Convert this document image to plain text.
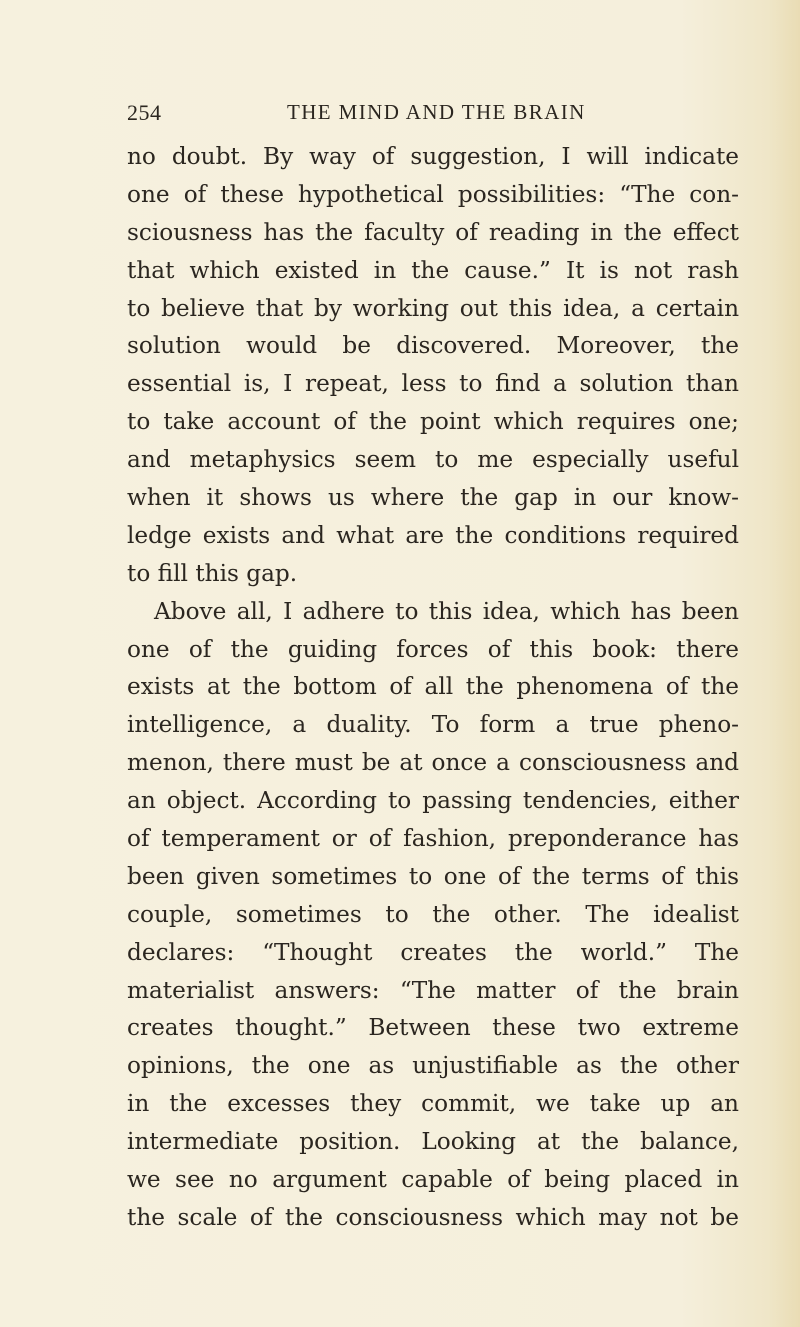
254	THE MIND AND THE BRAIN
no doubt. By way of suggestion, I will indicate
one of these hypothetical possibilities: “The con-
sciousness has the faculty of reading in the effect
that which existed in the cause.” It is not rash
to believe that by working out this idea, a certain
solution would be discovered. Moreover, the
essential is, I repeat, less to find a solution than
to take account of the point which requires one;
and metaphysics seem to me especially useful
when it shows us where the gap in our know-
ledge exists and what are the conditions required
to fill this gap.
Above all, I adhere to this idea, which has been
one of the guiding forces of this book: there
exists at the bottom of all the phenomena of the
intelligence, a duality. To form a true pheno-
menon, there must be at once a consciousness and
an object. According to passing tendencies, either
of temperament or of fashion, preponderance has
been given sometimes to one of the terms of this
couple, sometimes to the other. The idealist
declares: “Thought creates the world.” The
materialist answers: “The matter of the brain
creates thought.” Between these two extreme
opinions, the one as unjustifiable as the other
in the excesses they commit, we take up an
intermediate position. Looking at the balance,
we see no argument capable of being placed in
the scale of the consciousness which may not be
